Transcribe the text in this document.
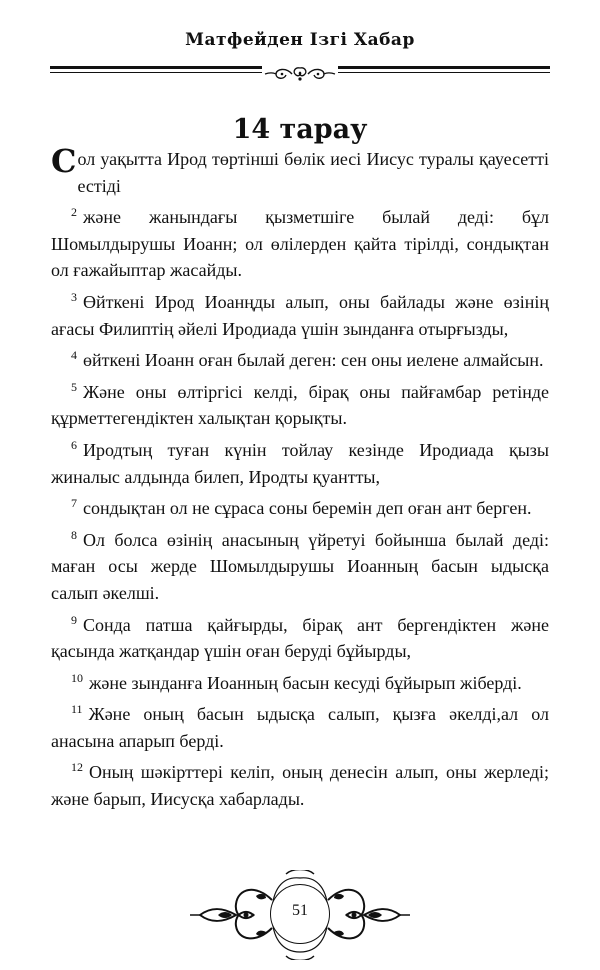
Матфейден Ізгі Хабар
14 тарау

Сол уақытта Ирод төртінші бөлік иесі Иисус туралы қауесетті естіді

$^2$ және жанындағы қызметшіге былай деді: бұл Шомылдырушы Иоанн; ол өлілерден қайта тірілді, сондықтан ол ғажайыптар жасайды.

$^3$ Өйткені Ирод Иоанңды алып, оны байлады және өзінің ағасы Филиптің әйелі Иродиада үшін зынданға отырғызды,

$^4$ өйткені Иоанн оған былай деген: сен оны иелене алмайсын.

$^5$ Және оны өлтіргісі келді, бірақ оны пайғамбар ретінде құрметтегендіктен халықтан қорықты.

$^6$ Иродтың туған күнін тойлау кезінде Иродиада қызы жиналыс алдында билеп, Иродты қуантты,

$^7$ сондықтан ол не сұраса соны беремін деп оған ант берген.

$^8$ Ол болса өзінің анасының үйретуі бойынша былай деді: маған осы жерде Шомылдырушы Иоанның басын ыдысқа салып әкелші.

$^9$ Сонда патша қайғырды, бірақ ант бергендіктен және қасында жатқандар үшін оған беруді бұйырды,

$^{10}$ және зынданға Иоанның басын кесуді бұйырып жіберді.

$^{11}$ Және оның басын ыдысқа салып, қызға әкелді,ал ол анасына апарып берді.

$^{12}$ Оның шәкірттері келіп, оның денесін алып, оны жерледі; және барып, Иисусқа хабарлады.

51
